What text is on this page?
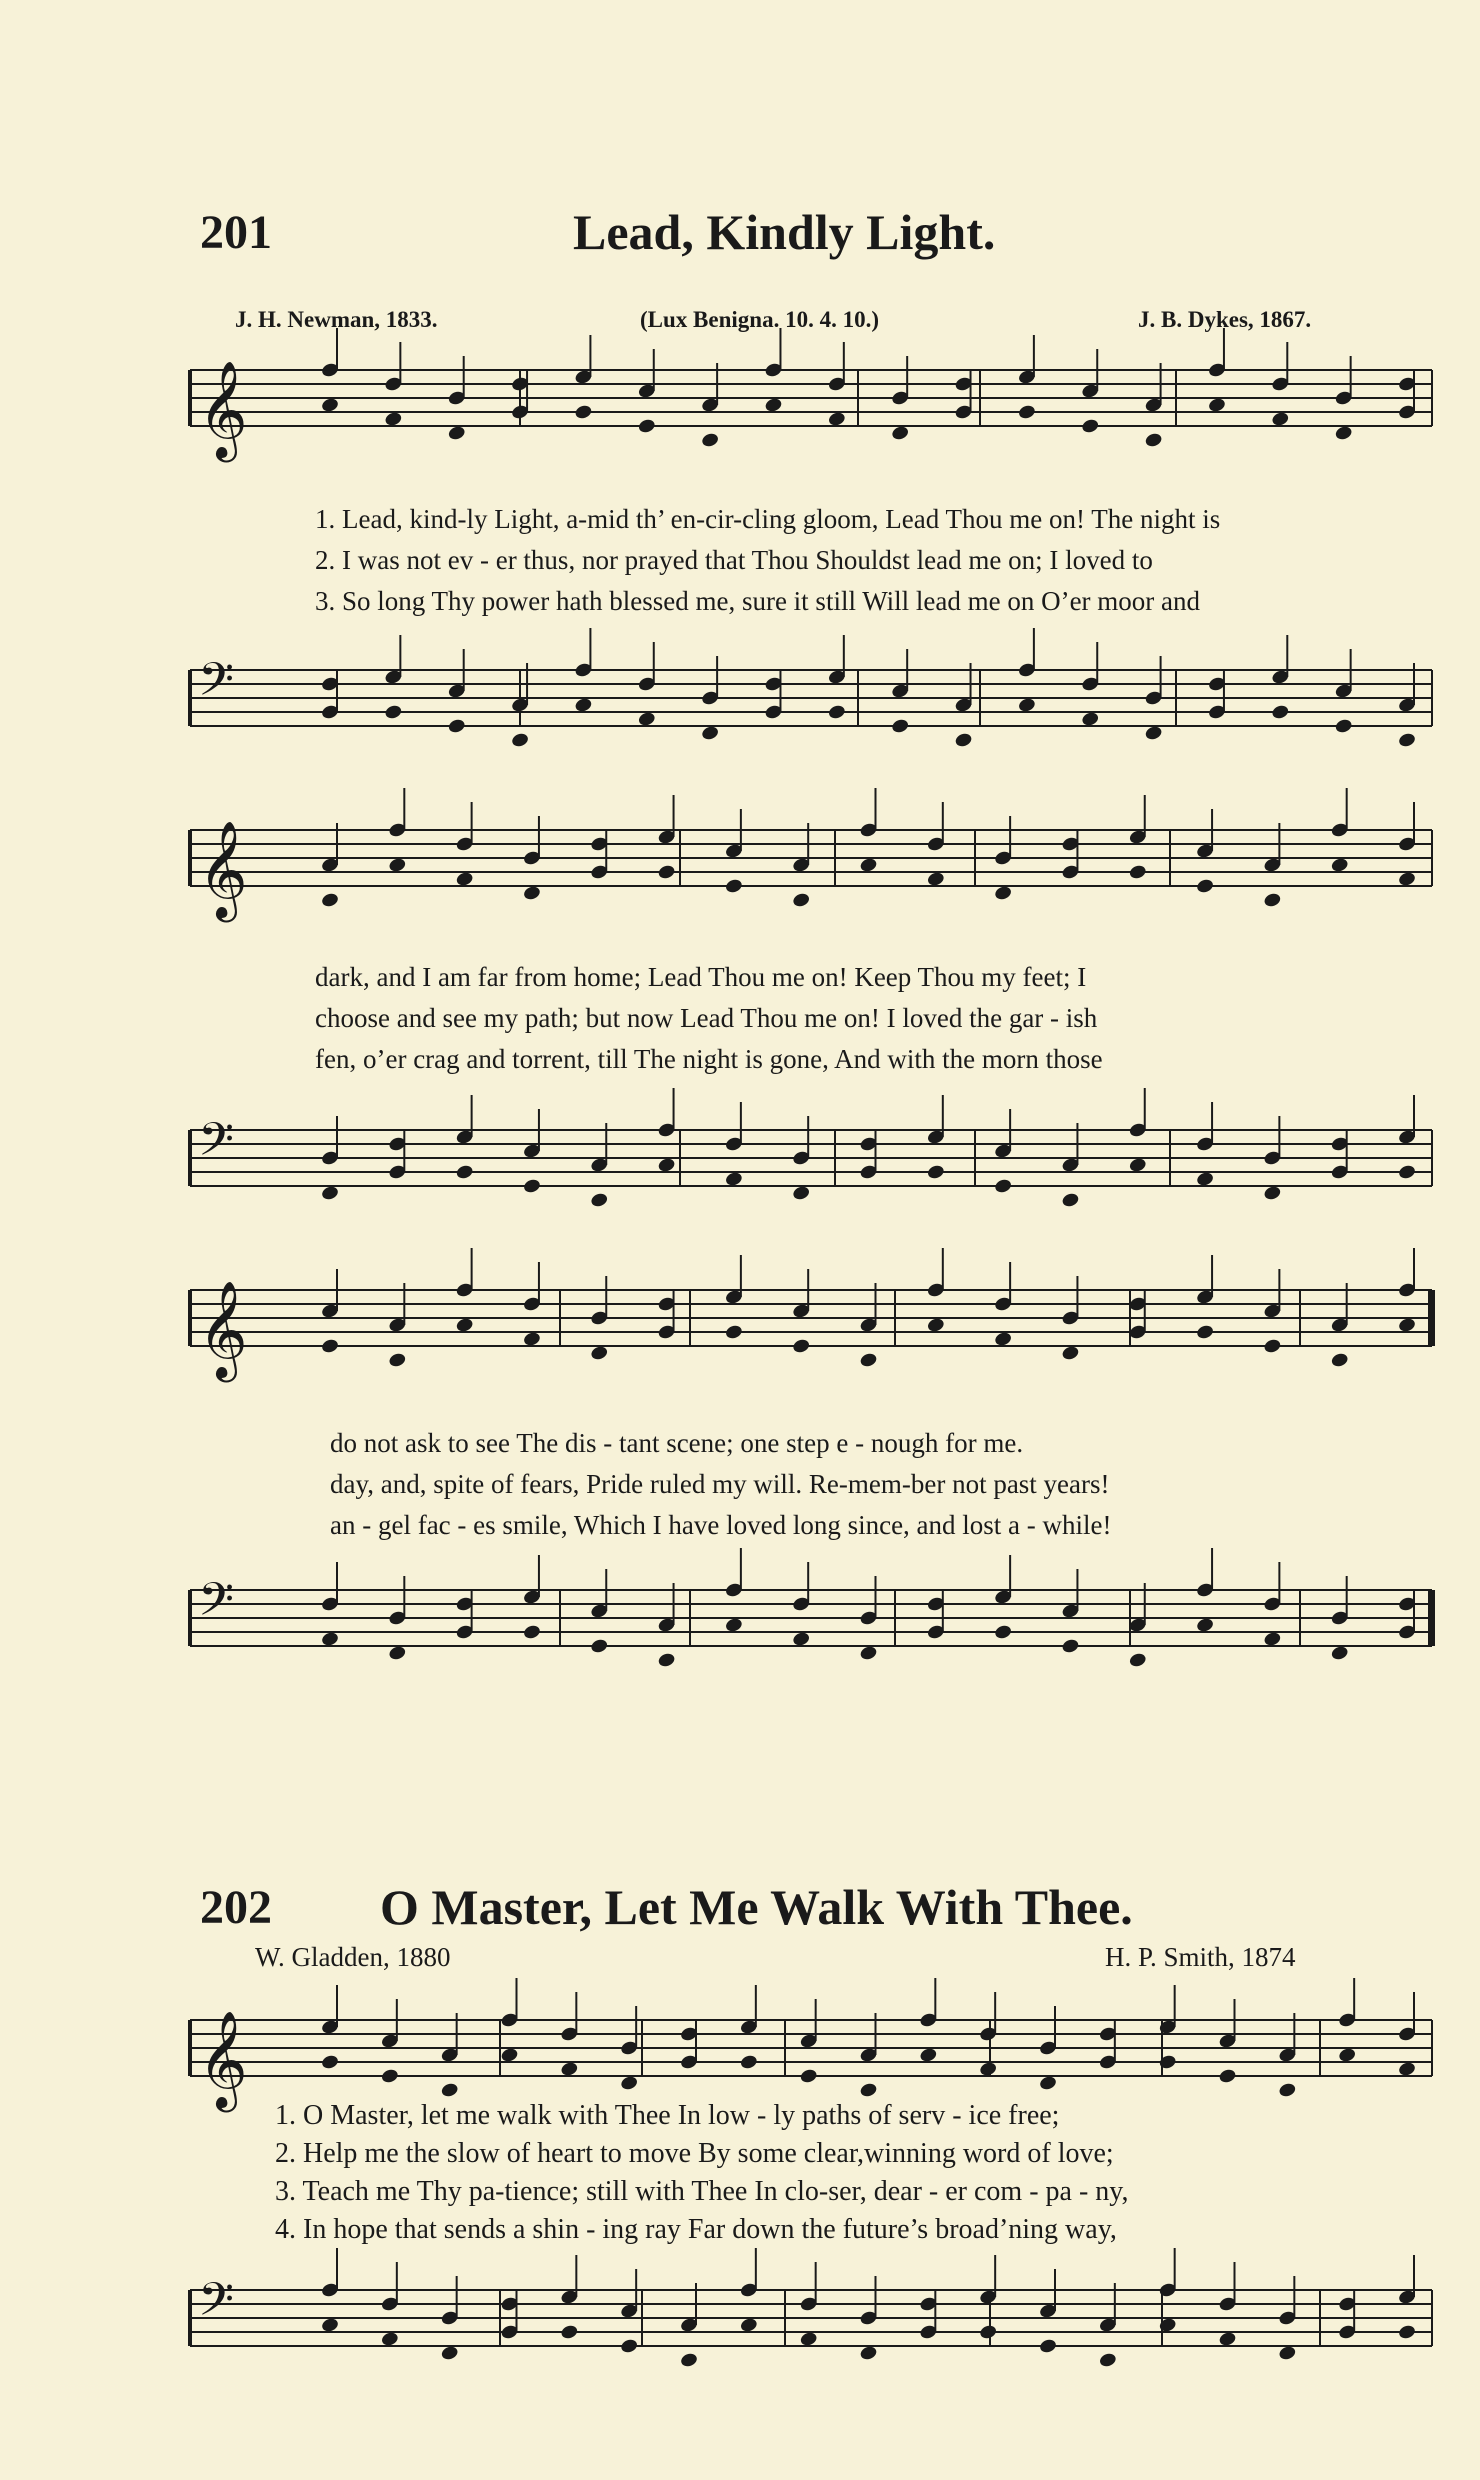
201	Lead, Kindly Light.
J. H. Newman, 1833.	(Lux Benigna. 10. 4. 10.)	J. B. Dykes, 1867.
𝄞
𝄢
𝄞
𝄢
𝄞
𝄢
𝄞
𝄢
1. Lead, kind-ly Light, a-mid th’ en-cir-cling gloom, Lead Thou me on! The night is
2. I was not ev - er thus, nor prayed that Thou Shouldst lead me on; I loved to
3. So long Thy power hath blessed me, sure it still Will lead me on O’er moor and
dark, and I am far from home; Lead Thou me on! Keep Thou my feet; I
choose and see my path; but now Lead Thou me on! I loved the gar - ish
fen, o’er crag and torrent, till The night is gone, And with the morn those
do not ask to see The dis - tant scene; one step e - nough for me.
day, and, spite of fears, Pride ruled my will. Re-mem-ber not past years!
an - gel fac - es smile, Which I have loved long since, and lost a - while!
202 O Master, Let Me Walk With Thee.
W. Gladden, 1880	H. P. Smith, 1874
1. O Master, let me walk with Thee In low - ly paths of serv - ice free;
2. Help me the slow of heart to move By some clear,winning word of love;
3. Teach me Thy pa-tience; still with Thee In clo-ser, dear - er com - pa - ny,
4. In hope that sends a shin - ing ray Far down the future’s broad’ning way,
